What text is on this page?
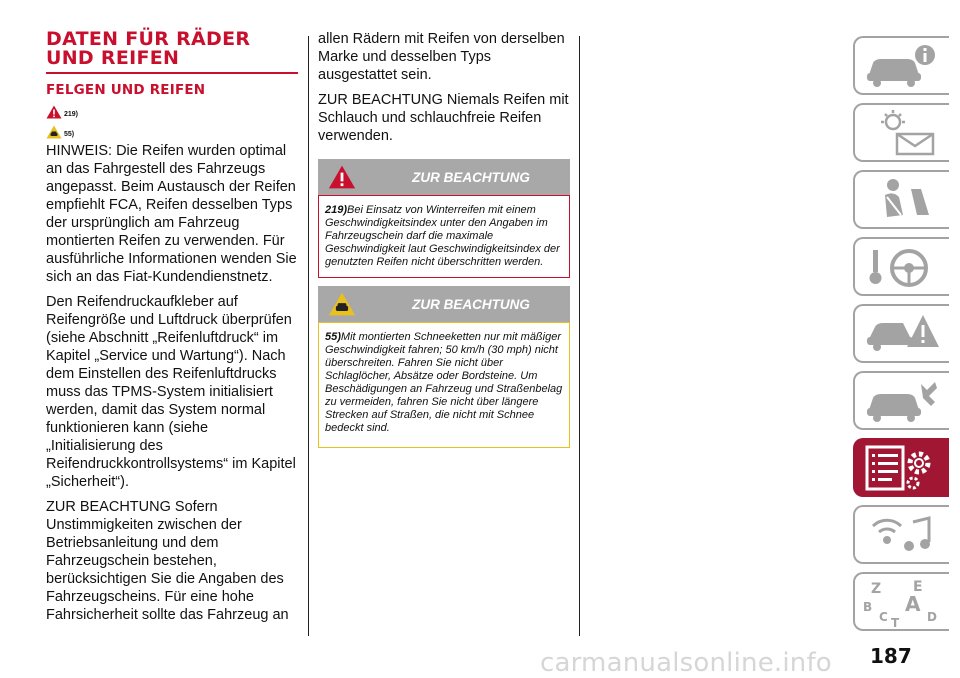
DATEN FÜR RÄDER
UND REIFEN
FELGEN UND REIFEN
219)
55)

HINWEIS: Die Reifen wurden optimal an das Fahrgestell des Fahrzeugs angepasst. Beim Austausch der Reifen empfiehlt FCA, Reifen desselben Typs der ursprünglich am Fahrzeug montierten Reifen zu verwenden. Für ausführliche Informationen wenden Sie sich an das Fiat-Kundendienstnetz.

Den Reifendruckaufkleber auf Reifengröße und Luftdruck überprüfen (siehe Abschnitt „Reifenluftdruck“ im Kapitel „Service und Wartung“). Nach dem Einstellen des Reifenluftdrucks muss das TPMS-System initialisiert werden, damit das System normal funktionieren kann (siehe „Initialisierung des Reifendruckkontrollsystems“ im Kapitel „Sicherheit“).

ZUR BEACHTUNG Sofern Unstimmigkeiten zwischen der Betriebsanleitung und dem Fahrzeugschein bestehen, berücksichtigen Sie die Angaben des Fahrzeugscheins. Für eine hohe Fahrsicherheit sollte das Fahrzeug an

allen Rädern mit Reifen von derselben Marke und desselben Typs ausgestattet sein.

ZUR BEACHTUNG Niemals Reifen mit Schlauch und schlauchfreie Reifen verwenden.

ZUR BEACHTUNG
219)Bei Einsatz von Winterreifen mit einem Geschwindigkeitsindex unter den Angaben im Fahrzeugschein darf die maximale Geschwindigkeit laut Geschwindigkeitsindex der genutzten Reifen nicht überschritten werden.
ZUR BEACHTUNG
55)Mit montierten Schneeketten nur mit mäßiger Geschwindigkeit fahren; 50 km/h (30 mph) nicht überschreiten. Fahren Sie nicht über Schlaglöcher, Absätze oder Bordsteine. Um Beschädigungen an Fahrzeug und Straßenbelag zu vermeiden, fahren Sie nicht über längere Strecken auf Straßen, die nicht mit Schnee bedeckt sind.
Z E
B A
C	D
T
carmanualsonline.info 187
